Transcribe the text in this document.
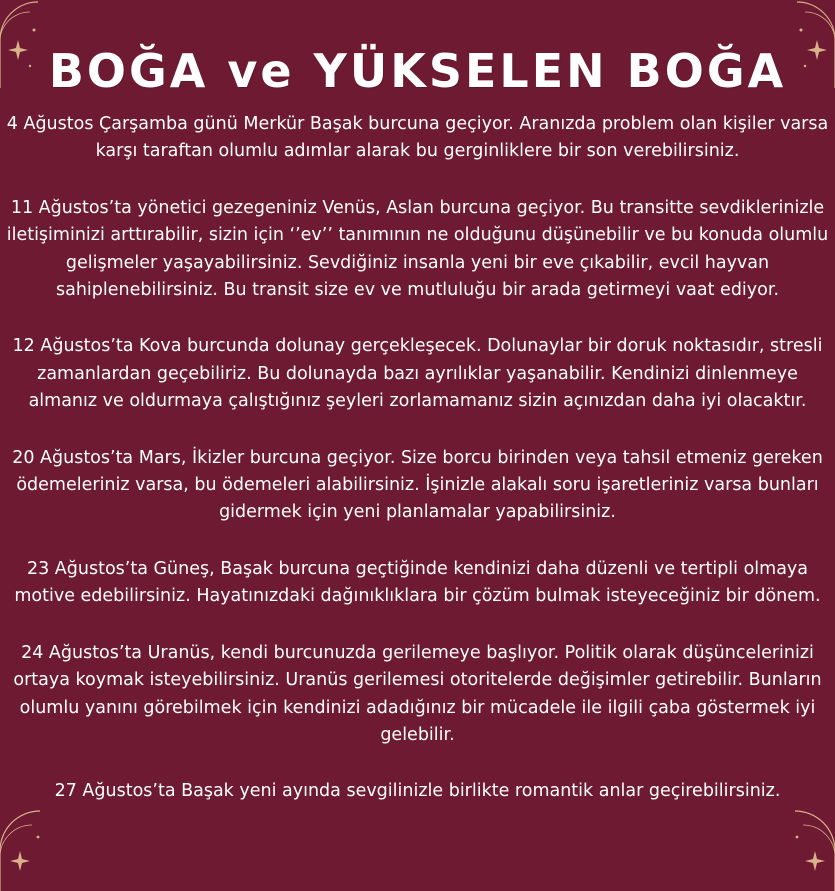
BOĞA ve YÜKSELEN BOĞA

4 Ağustos Çarşamba günü Merkür Başak burcuna geçiyor. Aranızda problem olan kişiler varsa karşı taraftan olumlu adımlar alarak bu gerginliklere bir son verebilirsiniz.

11 Ağustos’ta yönetici gezegeniniz Venüs, Aslan burcuna geçiyor. Bu transitte sevdiklerinizle iletişiminizi arttırabilir, sizin için ‘’ev’’ tanımının ne olduğunu düşünebilir ve bu konuda olumlu gelişmeler yaşayabilirsiniz. Sevdiğiniz insanla yeni bir eve çıkabilir, evcil hayvan sahiplenebilirsiniz. Bu transit size ev ve mutluluğu bir arada getirmeyi vaat ediyor.

12 Ağustos’ta Kova burcunda dolunay gerçekleşecek. Dolunaylar bir doruk noktasıdır, stresli zamanlardan geçebiliriz. Bu dolunayda bazı ayrılıklar yaşanabilir. Kendinizi dinlenmeye almanız ve oldurmaya çalıştığınız şeyleri zorlamamanız sizin açınızdan daha iyi olacaktır.

20 Ağustos’ta Mars, İkizler burcuna geçiyor. Size borcu birinden veya tahsil etmeniz gereken ödemeleriniz varsa, bu ödemeleri alabilirsiniz. İşinizle alakalı soru işaretleriniz varsa bunları gidermek için yeni planlamalar yapabilirsiniz.

23 Ağustos’ta Güneş, Başak burcuna geçtiğinde kendinizi daha düzenli ve tertipli olmaya motive edebilirsiniz. Hayatınızdaki dağınıklıklara bir çözüm bulmak isteyeceğiniz bir dönem.

24 Ağustos’ta Uranüs, kendi burcunuzda gerilemeye başlıyor. Politik olarak düşüncelerinizi ortaya koymak isteyebilirsiniz. Uranüs gerilemesi otoritelerde değişimler getirebilir. Bunların olumlu yanını görebilmek için kendinizi adadığınız bir mücadele ile ilgili çaba göstermek iyi gelebilir.

27 Ağustos’ta Başak yeni ayında sevgilinizle birlikte romantik anlar geçirebilirsiniz.
